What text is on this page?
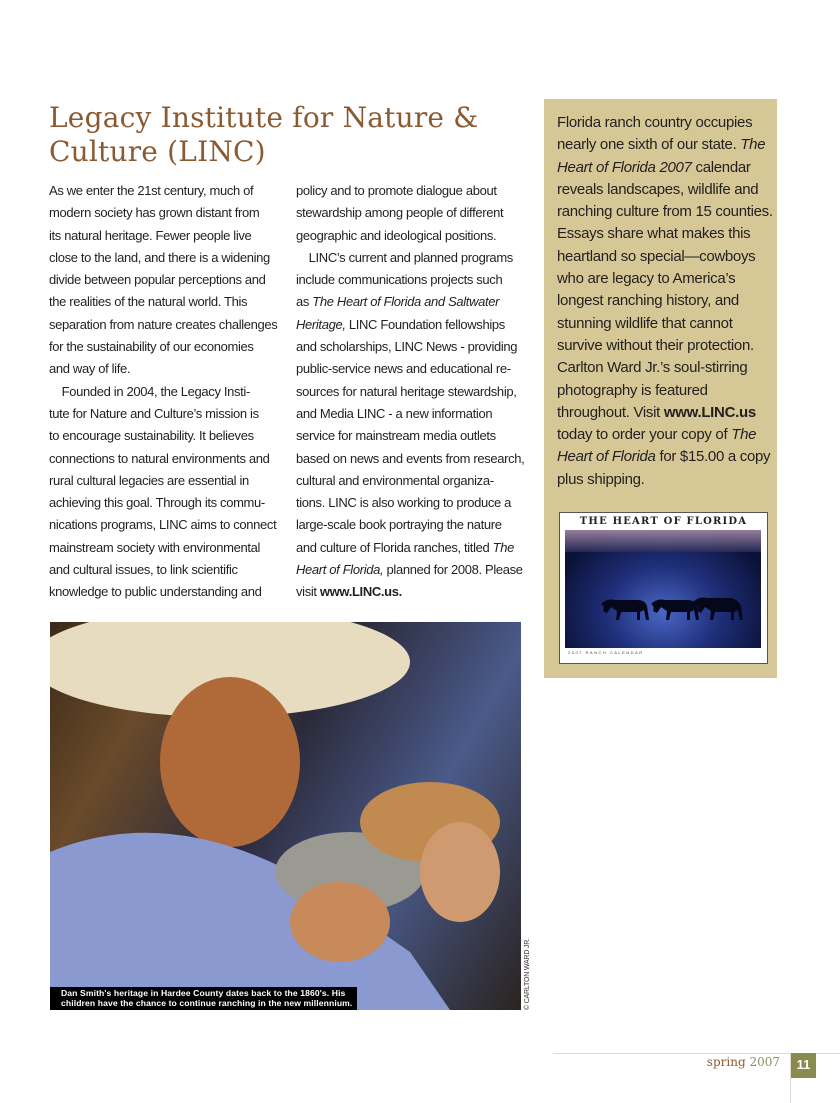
Legacy Institute for Nature &
Culture (LINC)
As we enter the 21st century, much of
modern society has grown distant from
its natural heritage. Fewer people live
close to the land, and there is a widening
divide between popular perceptions and
the realities of the natural world. This
separation from nature creates challenges
for the sustainability of our economies
and way of life.
 Founded in 2004, the Legacy Insti-
tute for Nature and Culture’s mission is
to encourage sustainability. It believes
connections to natural environments and
rural cultural legacies are essential in
achieving this goal. Through its commu-
nications programs, LINC aims to connect
mainstream society with environmental
and cultural issues, to link scientific
knowledge to public understanding and
policy and to promote dialogue about
stewardship among people of different
geographic and ideological positions.
 LINC’s current and planned programs
include communications projects such
as The Heart of Florida and Saltwater
Heritage, LINC Foundation fellowships
and scholarships, LINC News - providing
public-service news and educational re-
sources for natural heritage stewardship,
and Media LINC - a new information
service for mainstream media outlets
based on news and events from research,
cultural and environmental organiza-
tions. LINC is also working to produce a
large-scale book portraying the nature
and culture of Florida ranches, titled The
Heart of Florida, planned for 2008. Please
visit www.LINC.us.
Florida ranch country occupies
nearly one sixth of our state. The
Heart of Florida 2007 calendar
reveals landscapes, wildlife and
ranching culture from 15 counties.
Essays share what makes this
heartland so special—cowboys
who are legacy to America’s
longest ranching history, and
stunning wildlife that cannot
survive without their protection.
Carlton Ward Jr.’s soul-stirring
photography is featured
throughout. Visit www.LINC.us
today to order your copy of The
Heart of Florida for $15.00 a copy
plus shipping.
THE HEART OF FLORIDA
2007 RANCH CALENDAR
Dan Smith's heritage in Hardee County dates back to the 1860's. His
children have the chance to continue ranching in the new millennium.	© CARLTON WARD JR.
spring 2007	11
